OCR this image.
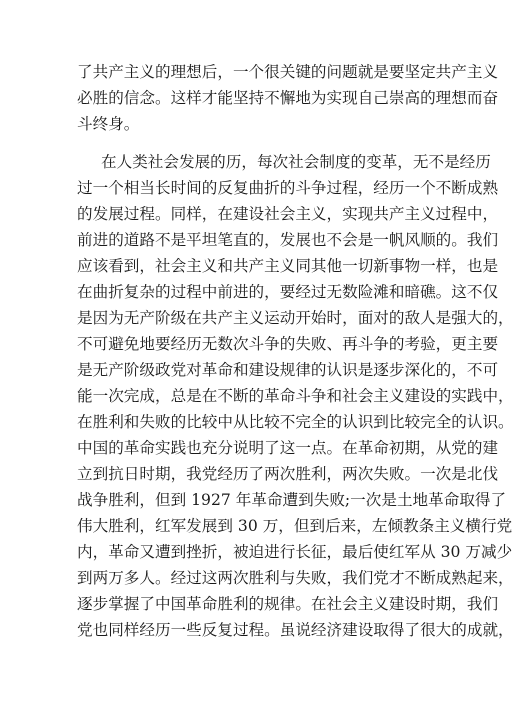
了共产主义的理想后，一个很关键的问题就是要坚定共产主义
必胜的信念。这样才能坚持不懈地为实现自己崇高的理想而奋
斗终身。
在人类社会发展的历，每次社会制度的变革，无不是经历
过一个相当长时间的反复曲折的斗争过程，经历一个不断成熟
的发展过程。同样，在建设社会主义，实现共产主义过程中，
前进的道路不是平坦笔直的，发展也不会是一帆风顺的。我们
应该看到，社会主义和共产主义同其他一切新事物一样，也是
在曲折复杂的过程中前进的，要经过无数险滩和暗礁。这不仅
是因为无产阶级在共产主义运动开始时，面对的敌人是强大的，
不可避免地要经历无数次斗争的失败、再斗争的考验，更主要
是无产阶级政党对革命和建设规律的认识是逐步深化的，不可
能一次完成，总是在不断的革命斗争和社会主义建设的实践中，
在胜利和失败的比较中从比较不完全的认识到比较完全的认识。
中国的革命实践也充分说明了这一点。在革命初期，从党的建
立到抗日时期，我党经历了两次胜利，两次失败。一次是北伐
战争胜利，但到 1927 年革命遭到失败;一次是土地革命取得了
伟大胜利，红军发展到 30 万，但到后来，左倾教条主义横行党
内，革命又遭到挫折，被迫进行长征，最后使红军从 30 万减少
到两万多人。经过这两次胜利与失败，我们党才不断成熟起来，
逐步掌握了中国革命胜利的规律。在社会主义建设时期，我们
党也同样经历一些反复过程。虽说经济建设取得了很大的成就，
